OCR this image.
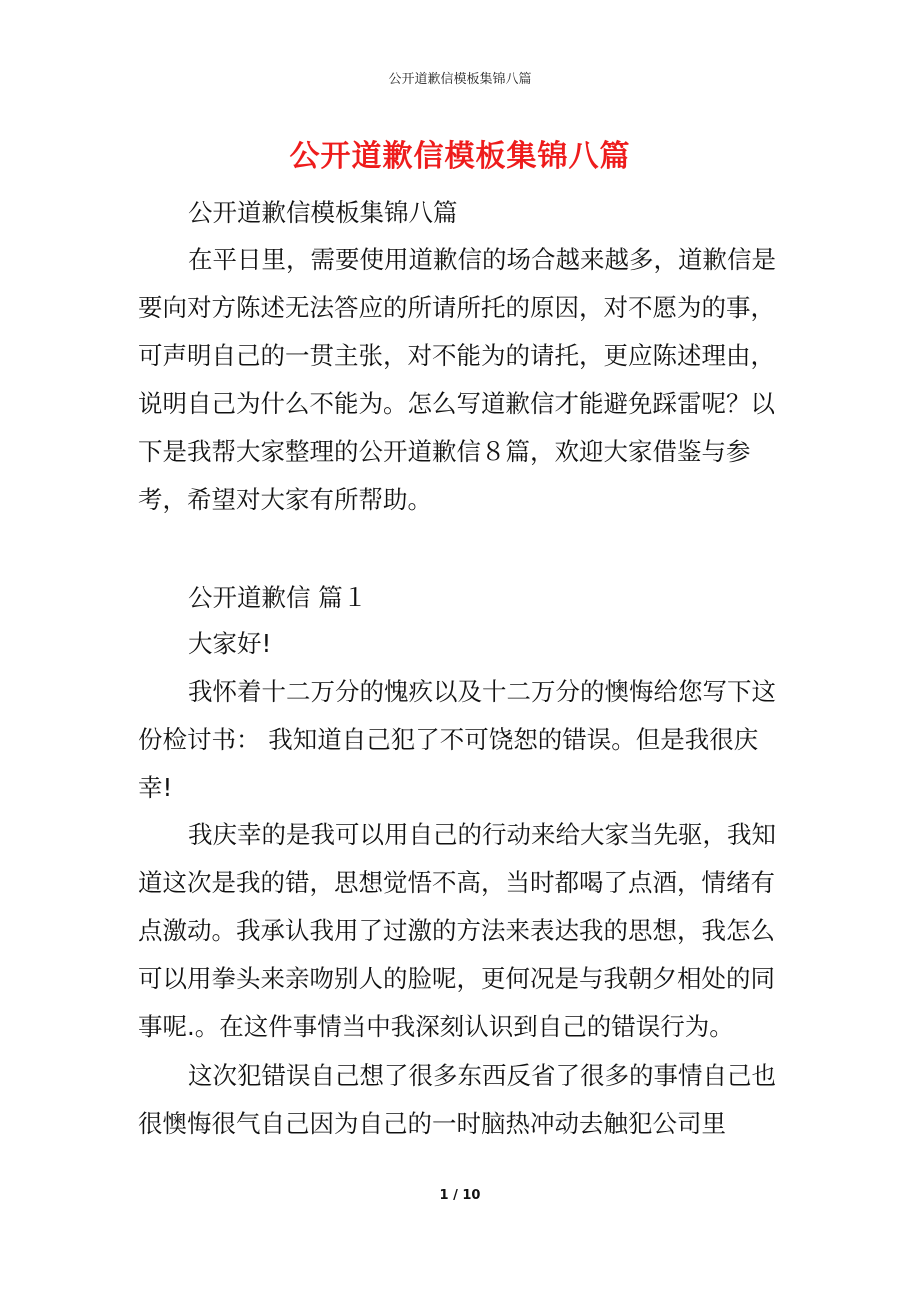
公开道歉信模板集锦八篇
公开道歉信模板集锦八篇

公开道歉信模板集锦八篇

在平日里，需要使用道歉信的场合越来越多，道歉信是要向对方陈述无法答应的所请所托的原因，对不愿为的事，可声明自己的一贯主张，对不能为的请托，更应陈述理由，说明自己为什么不能为。怎么写道歉信才能避免踩雷呢？以下是我帮大家整理的公开道歉信８篇，欢迎大家借鉴与参考，希望对大家有所帮助。

公开道歉信 篇１

大家好!

我怀着十二万分的愧疚以及十二万分的懊悔给您写下这份检讨书： 我知道自己犯了不可饶恕的错误。但是我很庆幸!

我庆幸的是我可以用自己的行动来给大家当先驱，我知道这次是我的错，思想觉悟不高，当时都喝了点酒，情绪有点激动。我承认我用了过激的方法来表达我的思想，我怎么可以用拳头来亲吻别人的脸呢，更何况是与我朝夕相处的同事呢.。在这件事情当中我深刻认识到自己的错误行为。

这次犯错误自己想了很多东西反省了很多的事情自己也很懊悔很气自己因为自己的一时脑热冲动去触犯公司里

1 / 10
